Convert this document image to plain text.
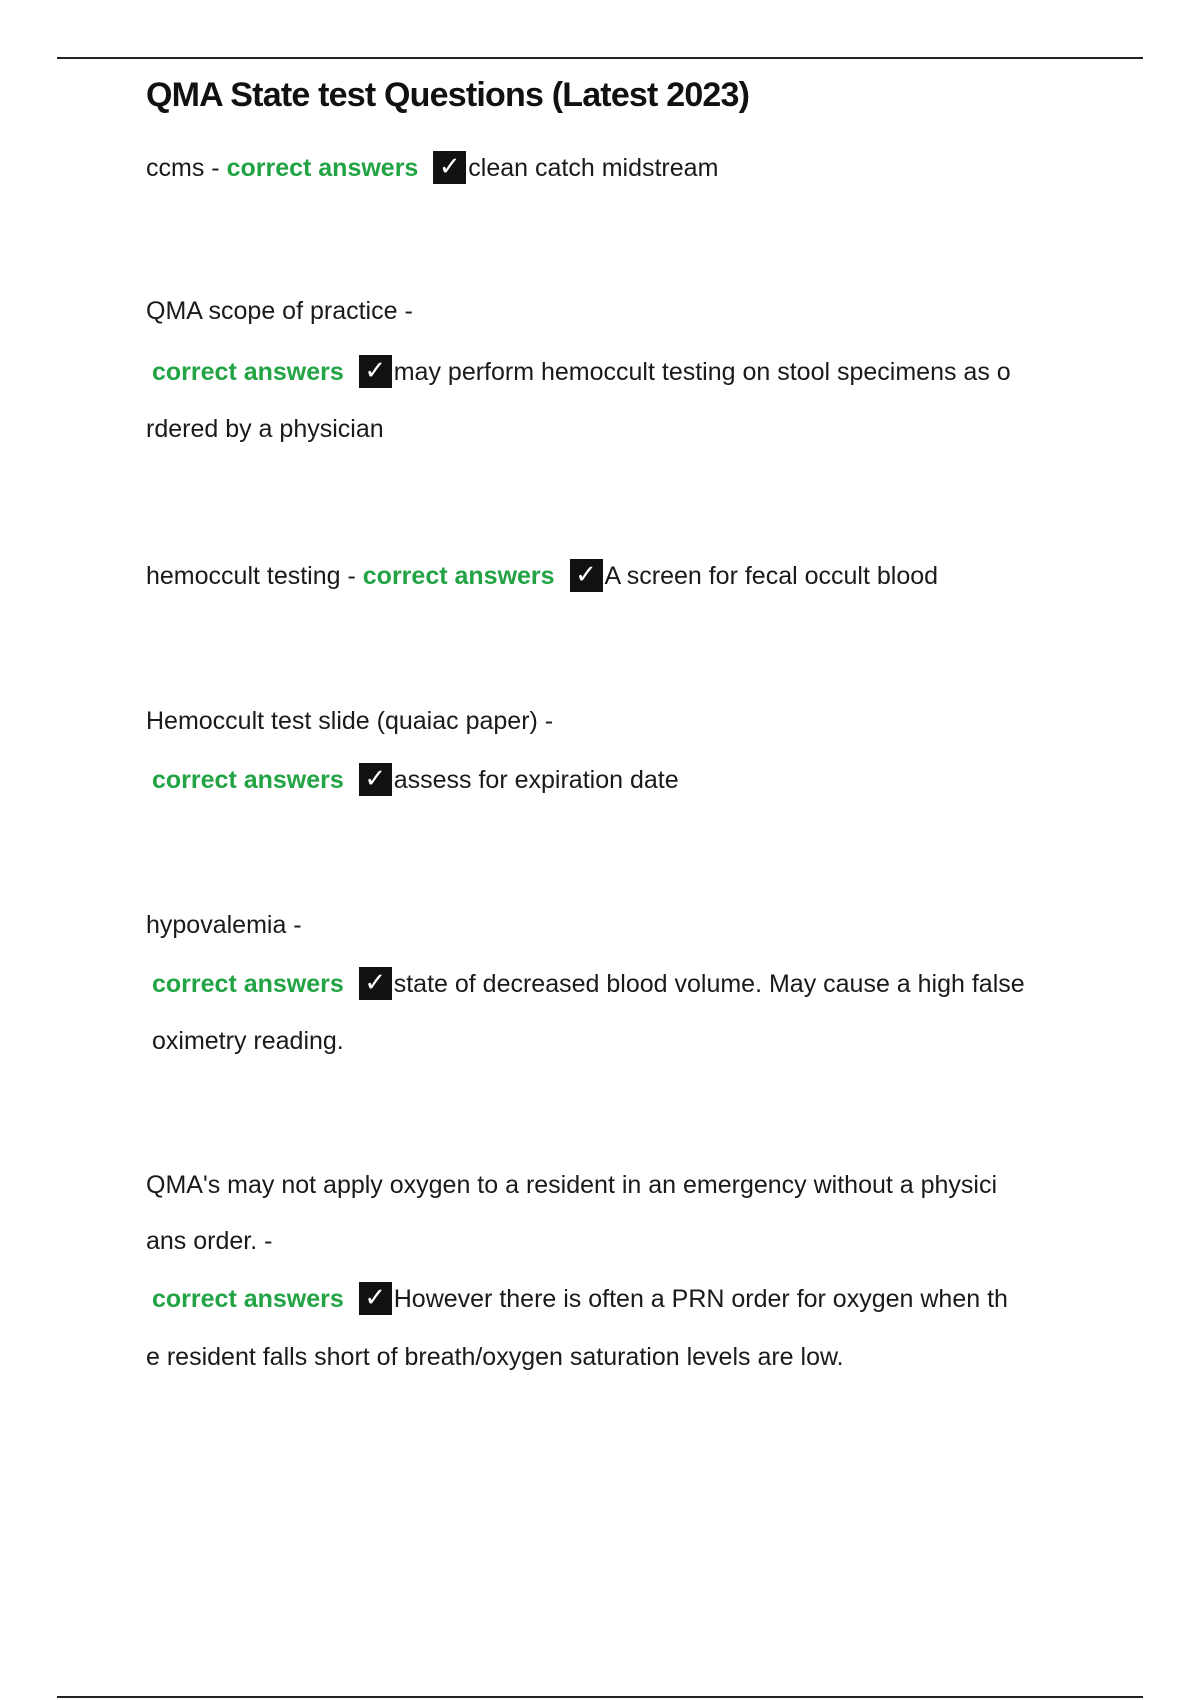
QMA State test Questions (Latest 2023)
ccms - correct answers ✓ clean catch midstream
QMA scope of practice -
correct answers ✓ may perform hemoccult testing on stool specimens as o
rdered by a physician
hemoccult testing - correct answers ✓ A screen for fecal occult blood
Hemoccult test slide (quaiac paper) -
correct answers ✓ assess for expiration date
hypovalemia -
correct answers ✓ state of decreased blood volume. May cause a high false
oximetry reading.
QMA's may not apply oxygen to a resident in an emergency without a physici
ans order. -
correct answers ✓ However there is often a PRN order for oxygen when th
e resident falls short of breath/oxygen saturation levels are low.
